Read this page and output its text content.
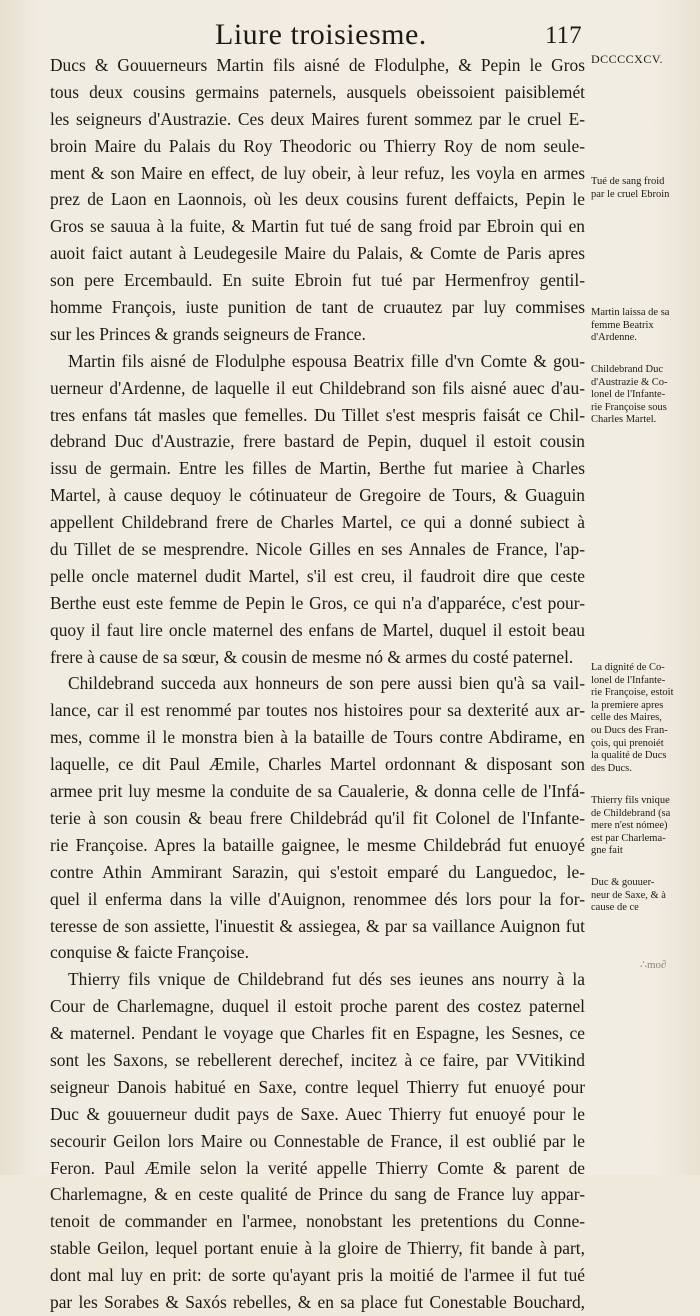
Liure troisiesme.	117
DCCCCXCV.
Ducs & Gouuerneurs Martin fils aisné de Flodulphe, & Pepin le Gros
tous deux cousins germains paternels, ausquels obeissoient paisiblemét
les seigneurs d'Austrazie. Ces deux Maires furent sommez par le cruel E-
broin Maire du Palais du Roy Theodoric ou Thierry Roy de nom seule-
ment & son Maire en effect, de luy obeir, à leur refuz, les voyla en armes
prez de Laon en Laonnois, où les deux cousins furent deffaicts, Pepin le
Gros se sauua à la fuite, & Martin fut tué de sang froid par Ebroin qui en
auoit faict autant à Leudegesile Maire du Palais, & Comte de Paris apres
son pere Ercembauld. En suite Ebroin fut tué par Hermenfroy gentil-
homme François, iuste punition de tant de cruautez par luy commises
sur les Princes & grands seigneurs de France.
Martin fils aisné de Flodulphe espousa Beatrix fille d'vn Comte & gou-
uerneur d'Ardenne, de laquelle il eut Childebrand son fils aisné auec d'au-
tres enfans tát masles que femelles. Du Tillet s'est mespris faisát ce Chil-
debrand Duc d'Austrazie, frere bastard de Pepin, duquel il estoit cousin
issu de germain. Entre les filles de Martin, Berthe fut mariee à Charles
Martel, à cause dequoy le cótinuateur de Gregoire de Tours, & Guaguin
appellent Childebrand frere de Charles Martel, ce qui a donné subiect à
du Tillet de se mesprendre. Nicole Gilles en ses Annales de France, l'ap-
pelle oncle maternel dudit Martel, s'il est creu, il faudroit dire que ceste
Berthe eust este femme de Pepin le Gros, ce qui n'a d'apparéce, c'est pour-
quoy il faut lire oncle maternel des enfans de Martel, duquel il estoit beau
frere à cause de sa sœur, & cousin de mesme nó & armes du costé paternel.
Childebrand succeda aux honneurs de son pere aussi bien qu'à sa vail-
lance, car il est renommé par toutes nos histoires pour sa dexterité aux ar-
mes, comme il le monstra bien à la bataille de Tours contre Abdirame, en
laquelle, ce dit Paul Æmile, Charles Martel ordonnant & disposant son
armee prit luy mesme la conduite de sa Caualerie, & donna celle de l'Infá-
terie à son cousin & beau frere Childebrád qu'il fit Colonel de l'Infante-
rie Françoise. Apres la bataille gaignee, le mesme Childebrád fut enuoyé
contre Athin Ammirant Sarazin, qui s'estoit emparé du Languedoc, le-
quel il enferma dans la ville d'Auignon, renommee dés lors pour la for-
teresse de son assiette, l'inuestit & assiegea, & par sa vaillance Auignon fut
conquise & faicte Françoise.
Thierry fils vnique de Childebrand fut dés ses ieunes ans nourry à la
Cour de Charlemagne, duquel il estoit proche parent des costez paternel
& maternel. Pendant le voyage que Charles fit en Espagne, les Sesnes, ce
sont les Saxons, se rebellerent derechef, incitez à ce faire, par VVitikind
seigneur Danois habitué en Saxe, contre lequel Thierry fut enuoyé pour
Duc & gouuerneur dudit pays de Saxe. Auec Thierry fut enuoyé pour le
secourir Geilon lors Maire ou Connestable de France, il est oublié par le
Feron. Paul Æmile selon la verité appelle Thierry Comte & parent de
Charlemagne, & en ceste qualité de Prince du sang de France luy appar-
tenoit de commander en l'armee, nonobstant les pretentions du Conne-
stable Geilon, lequel portant enuie à la gloire de Thierry, fit bande à part,
dont mal luy en prit: de sorte qu'ayant pris la moitié de l'armee il fut tué
par les Sorabes & Saxós rebelles, & en sa place fut Conestable Bouchard,
Tué de sang froid
par le cruel Ebroin
Martin laissa de sa
femme Beatrix
d'Ardenne.
Childebrand Duc
d'Austrazie & Co-
lonel de l'Infante-
rie Françoise sous
Charles Martel.
La dignité de Co-
lonel de l'Infante-
rie Françoise, estoit
la premiere apres
celle des Maires,
ou Ducs des Fran-
çois, qui prenoiét
la qualité de Ducs
des Ducs.
Thierry fils vnique
de Childebrand (sa
mere n'est nómee)
est par Charlema-
gne fait
Duc & gouuer-
neur de Saxe, & à
cause de ce
∴mo∂
